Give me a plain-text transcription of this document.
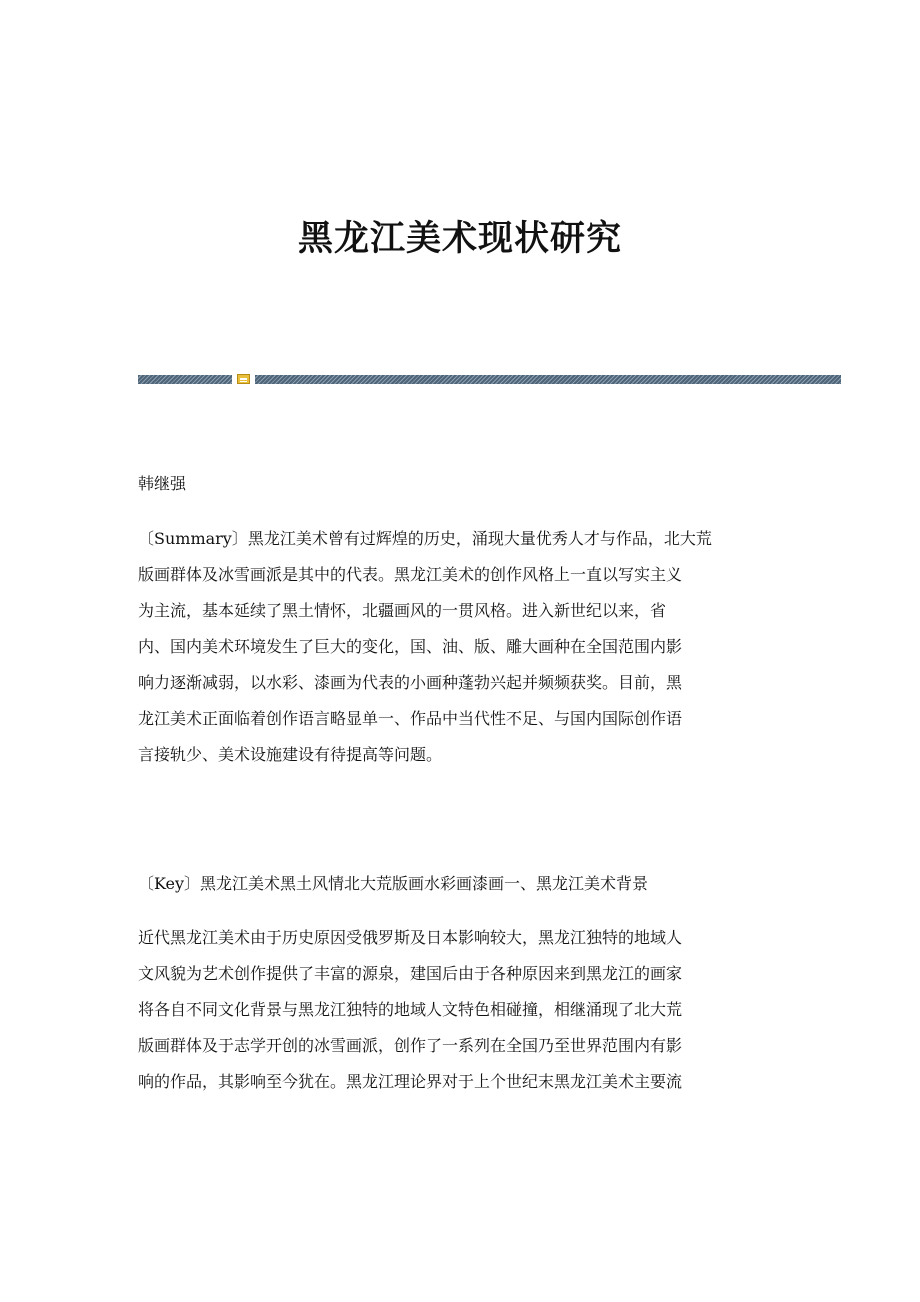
黑龙江美术现状研究

韩继强

〔Summary〕黑龙江美术曾有过辉煌的历史，涌现大量优秀人才与作品，北大荒
版画群体及冰雪画派是其中的代表。黑龙江美术的创作风格上一直以写实主义
为主流，基本延续了黑土情怀，北疆画风的一贯风格。进入新世纪以来，省
内、国内美术环境发生了巨大的变化，国、油、版、雕大画种在全国范围内影
响力逐渐减弱，以水彩、漆画为代表的小画种蓬勃兴起并频频获奖。目前，黑
龙江美术正面临着创作语言略显单一、作品中当代性不足、与国内国际创作语
言接轨少、美术设施建设有待提高等问题。

〔Key〕黑龙江美术黑土风情北大荒版画水彩画漆画一、黑龙江美术背景

近代黑龙江美术由于历史原因受俄罗斯及日本影响较大，黑龙江独特的地域人
文风貌为艺术创作提供了丰富的源泉，建国后由于各种原因来到黑龙江的画家
将各自不同文化背景与黑龙江独特的地域人文特色相碰撞，相继涌现了北大荒
版画群体及于志学开创的冰雪画派，创作了一系列在全国乃至世界范围内有影
响的作品，其影响至今犹在。黑龙江理论界对于上个世纪末黑龙江美术主要流
